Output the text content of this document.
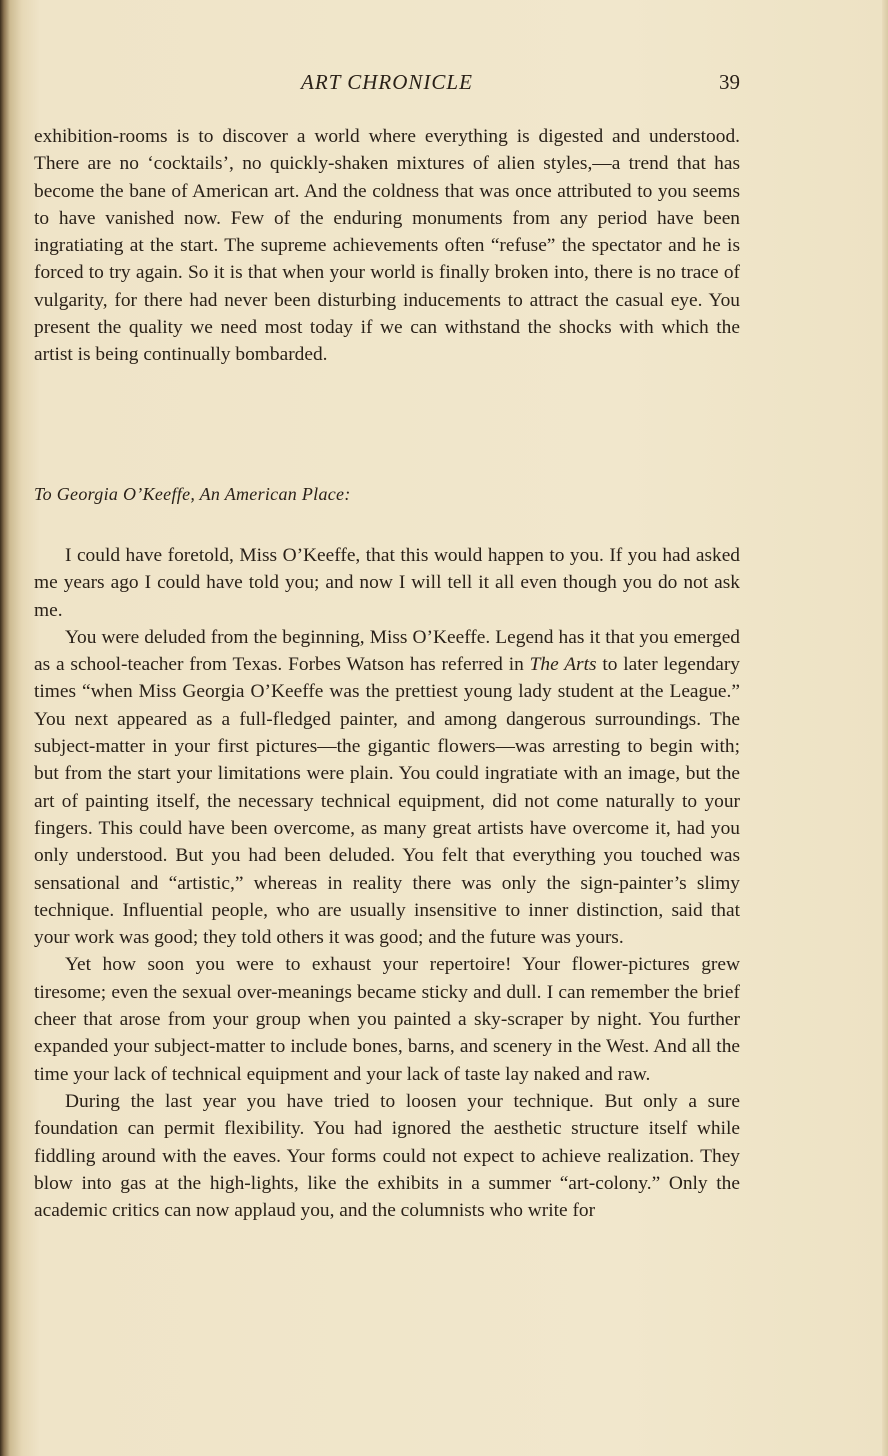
ART CHRONICLE	39

exhibition-rooms is to discover a world where everything is digested and understood. There are no ‘cocktails’, no quickly-shaken mixtures of alien styles,—a trend that has become the bane of American art. And the coldness that was once attributed to you seems to have vanished now. Few of the enduring monuments from any period have been ingratiating at the start. The supreme achievements often “refuse” the spectator and he is forced to try again. So it is that when your world is finally broken into, there is no trace of vulgarity, for there had never been disturbing inducements to attract the casual eye. You present the quality we need most today if we can withstand the shocks with which the artist is being continually bombarded.

To Georgia O’Keeffe, An American Place:

I could have foretold, Miss O’Keeffe, that this would happen to you. If you had asked me years ago I could have told you; and now I will tell it all even though you do not ask me.

You were deluded from the beginning, Miss O’Keeffe. Legend has it that you emerged as a school-teacher from Texas. Forbes Watson has referred in The Arts to later legendary times “when Miss Georgia O’Keeffe was the prettiest young lady student at the League.” You next appeared as a full-fledged painter, and among dangerous surroundings. The subject-matter in your first pictures—the gigantic flowers—was arresting to begin with; but from the start your limitations were plain. You could ingratiate with an image, but the art of painting itself, the necessary technical equipment, did not come naturally to your fingers. This could have been overcome, as many great artists have overcome it, had you only understood. But you had been deluded. You felt that everything you touched was sensational and “artistic,” whereas in reality there was only the sign-painter’s slimy technique. Influential people, who are usually insensitive to inner distinction, said that your work was good; they told others it was good; and the future was yours.

Yet how soon you were to exhaust your repertoire! Your flower-pictures grew tiresome; even the sexual over-meanings became sticky and dull. I can remember the brief cheer that arose from your group when you painted a sky-scraper by night. You further expanded your subject-matter to include bones, barns, and scenery in the West. And all the time your lack of technical equipment and your lack of taste lay naked and raw.

During the last year you have tried to loosen your technique. But only a sure foundation can permit flexibility. You had ignored the aesthetic structure itself while fiddling around with the eaves. Your forms could not expect to achieve realization. They blow into gas at the high-lights, like the exhibits in a summer “art-colony.” Only the academic critics can now applaud you, and the columnists who write for
